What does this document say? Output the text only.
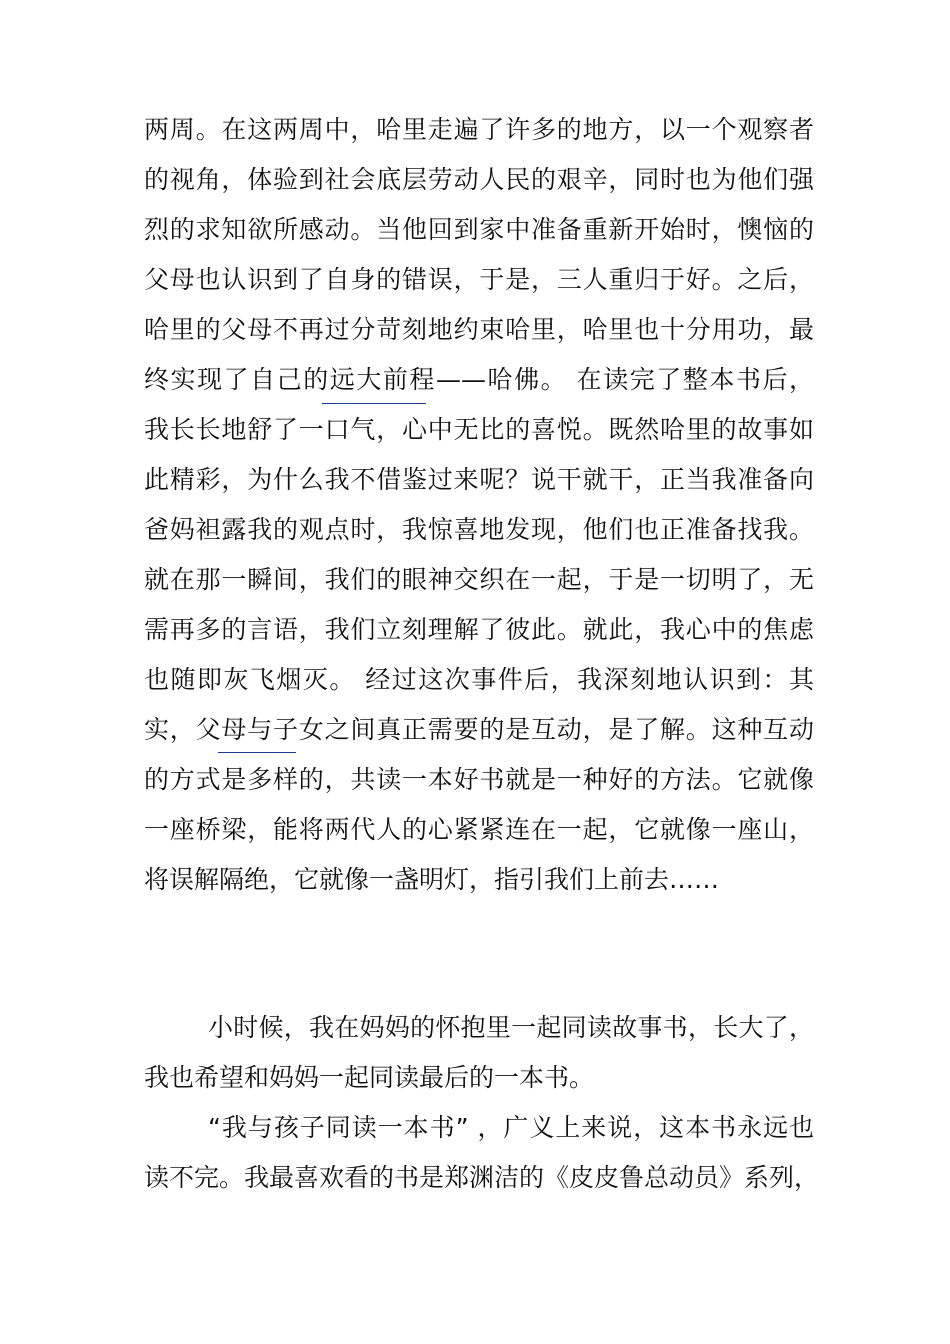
两周。在这两周中，哈里走遍了许多的地方，以一个观察者
的视角，体验到社会底层劳动人民的艰辛，同时也为他们强
烈的求知欲所感动。当他回到家中准备重新开始时，懊恼的
父母也认识到了自身的错误，于是，三人重归于好。之后，
哈里的父母不再过分苛刻地约束哈里，哈里也十分用功，最
终实现了自己的远大前程——哈佛。 在读完了整本书后，
我长长地舒了一口气，心中无比的喜悦。既然哈里的故事如
此精彩，为什么我不借鉴过来呢？说干就干，正当我准备向
爸妈袒露我的观点时，我惊喜地发现，他们也正准备找我。
就在那一瞬间，我们的眼神交织在一起，于是一切明了，无
需再多的言语，我们立刻理解了彼此。就此，我心中的焦虑
也随即灰飞烟灭。 经过这次事件后，我深刻地认识到：其
实，父母与子女之间真正需要的是互动，是了解。这种互动
的方式是多样的，共读一本好书就是一种好的方法。它就像
一座桥梁，能将两代人的心紧紧连在一起，它就像一座山，
将误解隔绝，它就像一盏明灯，指引我们上前去……
小时候，我在妈妈的怀抱里一起同读故事书，长大了，
我也希望和妈妈一起同读最后的一本书。
“我与孩子同读一本书” ，广义上来说，这本书永远也
读不完。我最喜欢看的书是郑渊洁的《皮皮鲁总动员》系列，
